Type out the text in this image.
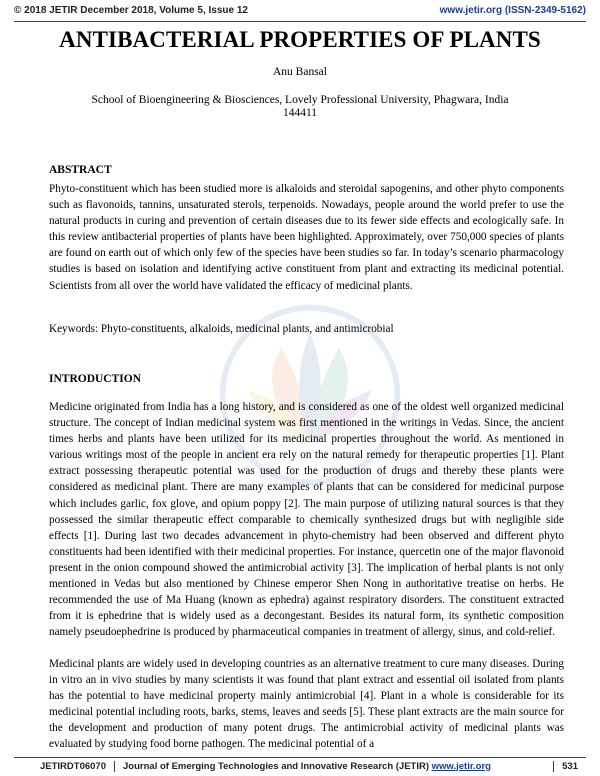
© 2018 JETIR December 2018, Volume 5, Issue 12	www.jetir.org (ISSN-2349-5162)
ANTIBACTERIAL PROPERTIES OF PLANTS
Anu Bansal
School of Bioengineering & Biosciences, Lovely Professional University, Phagwara, India
144411
ABSTRACT
Phyto-constituent which has been studied more is alkaloids and steroidal sapogenins, and other phyto components such as flavonoids, tannins, unsaturated sterols, terpenoids. Nowadays, people around the world prefer to use the natural products in curing and prevention of certain diseases due to its fewer side effects and ecologically safe. In this review antibacterial properties of plants have been highlighted. Approximately, over 750,000 species of plants are found on earth out of which only few of the species have been studies so far. In today’s scenario pharmacology studies is based on isolation and identifying active constituent from plant and extracting its medicinal potential. Scientists from all over the world have validated the efficacy of medicinal plants.
Keywords: Phyto-constituents, alkaloids, medicinal plants, and antimicrobial
INTRODUCTION
Medicine originated from India has a long history, and is considered as one of the oldest well organized medicinal structure. The concept of Indian medicinal system was first mentioned in the writings in Vedas. Since, the ancient times herbs and plants have been utilized for its medicinal properties throughout the world. As mentioned in various writings most of the people in ancient era rely on the natural remedy for therapeutic properties [1]. Plant extract possessing therapeutic potential was used for the production of drugs and thereby these plants were considered as medicinal plant. There are many examples of plants that can be considered for medicinal purpose which includes garlic, fox glove, and opium poppy [2]. The main purpose of utilizing natural sources is that they possessed the similar therapeutic effect comparable to chemically synthesized drugs but with negligible side effects [1]. During last two decades advancement in phyto-chemistry had been observed and different phyto constituents had been identified with their medicinal properties. For instance, quercetin one of the major flavonoid present in the onion compound showed the antimicrobial activity [3]. The implication of herbal plants is not only mentioned in Vedas but also mentioned by Chinese emperor Shen Nong in authoritative treatise on herbs. He recommended the use of Ma Huang (known as ephedra) against respiratory disorders. The constituent extracted from it is ephedrine that is widely used as a decongestant. Besides its natural form, its synthetic composition namely pseudoephedrine is produced by pharmaceutical companies in treatment of allergy, sinus, and cold-relief.
Medicinal plants are widely used in developing countries as an alternative treatment to cure many diseases. During in vitro an in vivo studies by many scientists it was found that plant extract and essential oil isolated from plants has the potential to have medicinal property mainly antimicrobial [4]. Plant in a whole is considerable for its medicinal potential including roots, barks, stems, leaves and seeds [5]. These plant extracts are the main source for the development and production of many potent drugs. The antimicrobial activity of medicinal plants was evaluated by studying food borne pathogen. The medicinal potential of a
JETIRDT06070	Journal of Emerging Technologies and Innovative Research (JETIR) www.jetir.org	531
